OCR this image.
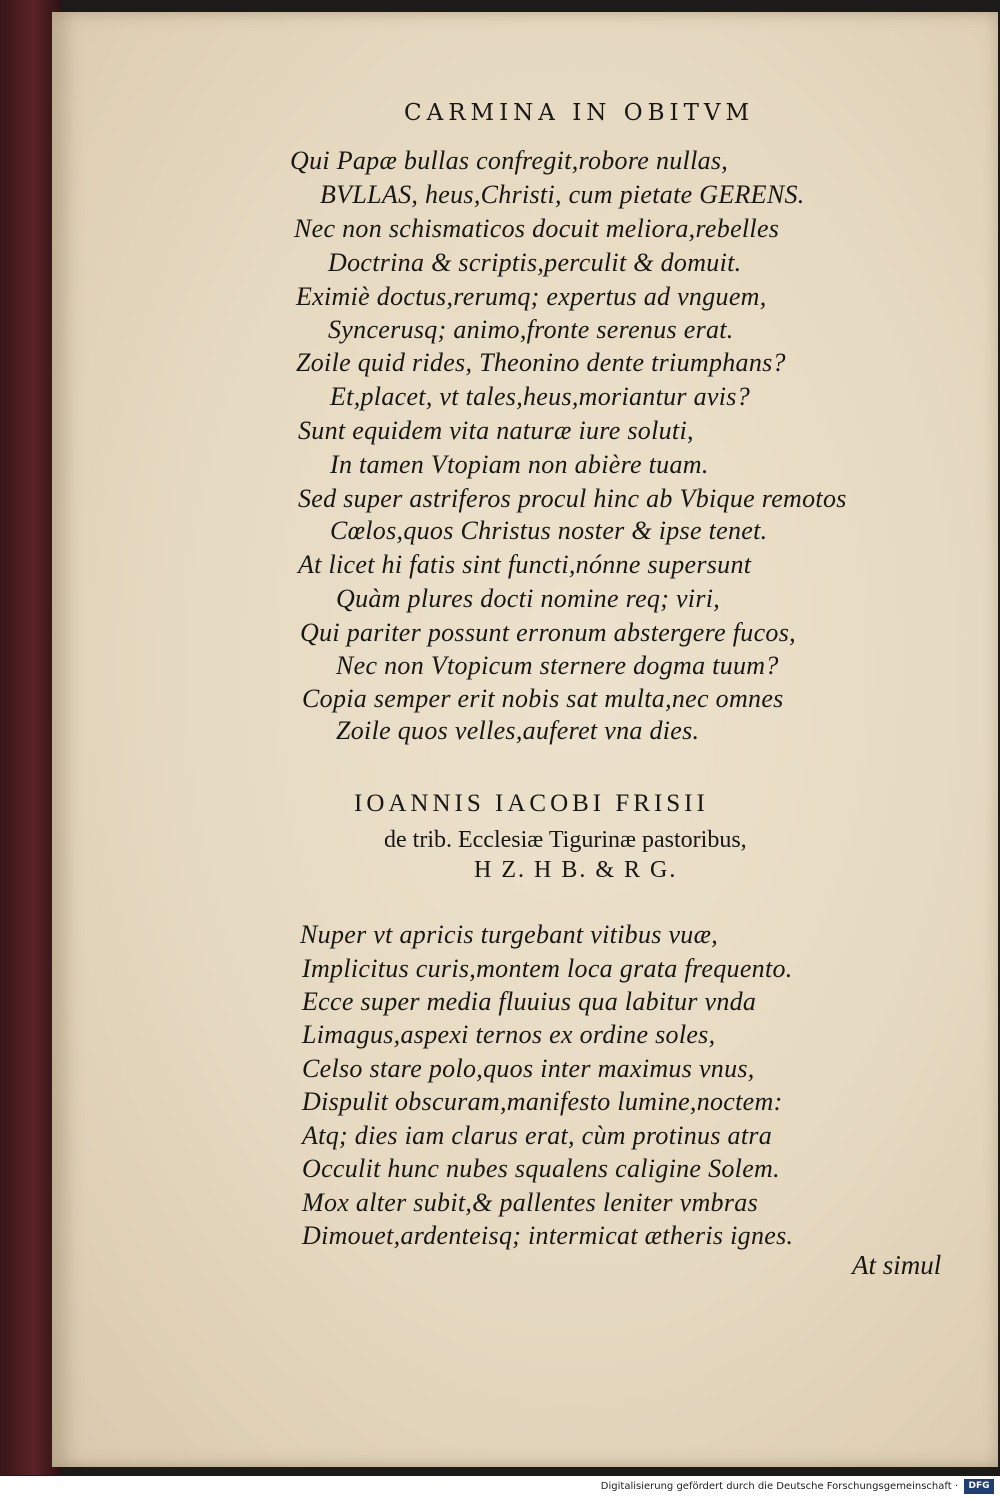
CARMINA IN OBITVM
Qui Papæ bullas confregit,robore nullas,
BVLLAS, heus,Christi, cum pietate GERENS.
Nec non schismaticos docuit meliora,rebelles
Doctrina & scriptis,perculit & domuit.
Eximiè doctus,rerumq; expertus ad vnguem,
Syncerusq; animo,fronte serenus erat.
Zoile quid rides, Theonino dente triumphans?
Et,placet, vt tales,heus,moriantur avis?
Sunt equidem vita naturæ iure soluti,
In tamen Vtopiam non abière tuam.
Sed super astriferos procul hinc ab Vbique remotos
Cœlos,quos Christus noster & ipse tenet.
At licet hi fatis sint functi,nónne supersunt
Quàm plures docti nomine req; viri,
Qui pariter possunt erronum abstergere fucos,
Nec non Vtopicum sternere dogma tuum?
Copia semper erit nobis sat multa,nec omnes
Zoile quos velles,auferet vna dies.
IOANNIS IACOBI FRISII
de trib. Ecclesiæ Tigurinæ pastoribus,
H Z. H B. & R G.
Nuper vt apricis turgebant vitibus vuæ,
Implicitus curis,montem loca grata frequento.
Ecce super media fluuius qua labitur vnda
Limagus,aspexi ternos ex ordine soles,
Celso stare polo,quos inter maximus vnus,
Dispulit obscuram,manifesto lumine,noctem:
Atq; dies iam clarus erat, cùm protinus atra
Occulit hunc nubes squalens caligine Solem.
Mox alter subit,& pallentes leniter vmbras
Dimouet,ardenteisq; intermicat ætheris ignes.
At simul
Digitalisierung gefördert durch die Deutsche Forschungsgemeinschaft ·	DFG
